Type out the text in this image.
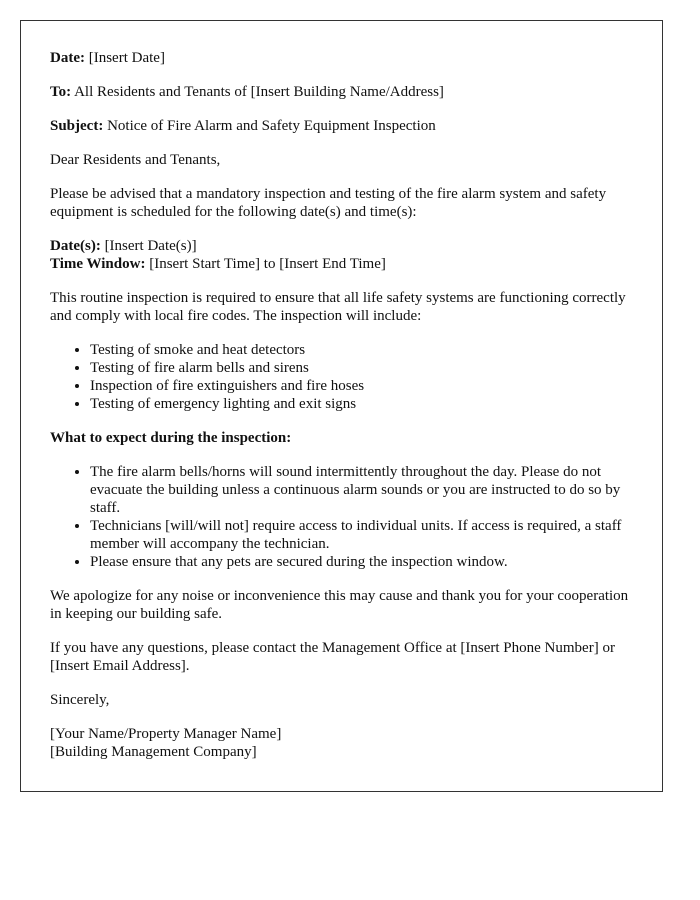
Date: [Insert Date]

To: All Residents and Tenants of [Insert Building Name/Address]

Subject: Notice of Fire Alarm and Safety Equipment Inspection

Dear Residents and Tenants,

Please be advised that a mandatory inspection and testing of the fire alarm system and safety equipment is scheduled for the following date(s) and time(s):

Date(s): [Insert Date(s)]
Time Window: [Insert Start Time] to [Insert End Time]

This routine inspection is required to ensure that all life safety systems are functioning correctly and comply with local fire codes. The inspection will include:

• Testing of smoke and heat detectors
• Testing of fire alarm bells and sirens
• Inspection of fire extinguishers and fire hoses
• Testing of emergency lighting and exit signs

What to expect during the inspection:

• The fire alarm bells/horns will sound intermittently throughout the day. Please do not evacuate the building unless a continuous alarm sounds or you are instructed to do so by staff.
• Technicians [will/will not] require access to individual units. If access is required, a staff member will accompany the technician.
• Please ensure that any pets are secured during the inspection window.

We apologize for any noise or inconvenience this may cause and thank you for your cooperation in keeping our building safe.

If you have any questions, please contact the Management Office at [Insert Phone Number] or [Insert Email Address].

Sincerely,

[Your Name/Property Manager Name]
[Building Management Company]
